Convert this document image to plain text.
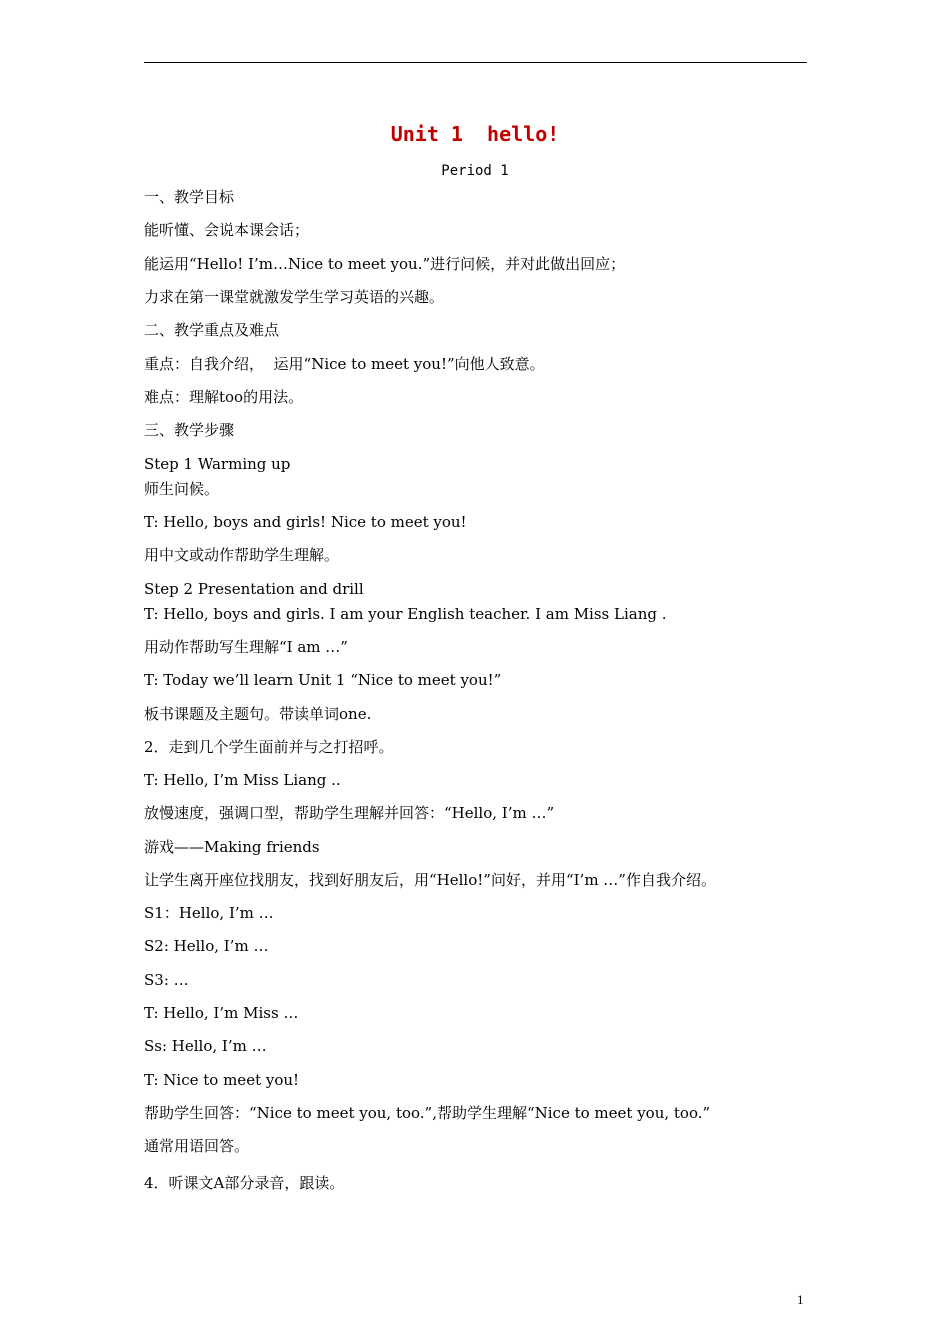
Unit 1  hello!
Period 1
一、教学目标
能听懂、会说本课会话；
能运用“Hello! I’m…Nice to meet you.”进行问候，并对此做出回应；
力求在第一课堂就激发学生学习英语的兴趣。
二、教学重点及难点
重点：自我介绍，  运用“Nice to meet you!”向他人致意。
难点：理解too的用法。
三、教学步骤
Step 1 Warming up
师生问候。
T: Hello, boys and girls! Nice to meet you!
用中文或动作帮助学生理解。
Step 2 Presentation and drill
T: Hello, boys and girls. I am your English teacher. I am Miss Liang .
用动作帮助写生理解“I am …”
T: Today we’ll learn Unit 1 “Nice to meet you!”
板书课题及主题句。带读单词one.
2．走到几个学生面前并与之打招呼。
T: Hello, I’m Miss Liang ..
放慢速度，强调口型，帮助学生理解并回答：“Hello, I’m …”
游戏——Making friends
让学生离开座位找朋友，找到好朋友后，用“Hello!”问好，并用“I’m …”作自我介绍。
S1：Hello, I’m …
S2: Hello, I’m …
S3: …
T: Hello, I’m Miss …
Ss: Hello, I’m …
T: Nice to meet you!
帮助学生回答：“Nice to meet you, too.”,帮助学生理解“Nice to meet you, too.”
通常用语回答。
4．听课文A部分录音，跟读。
1
